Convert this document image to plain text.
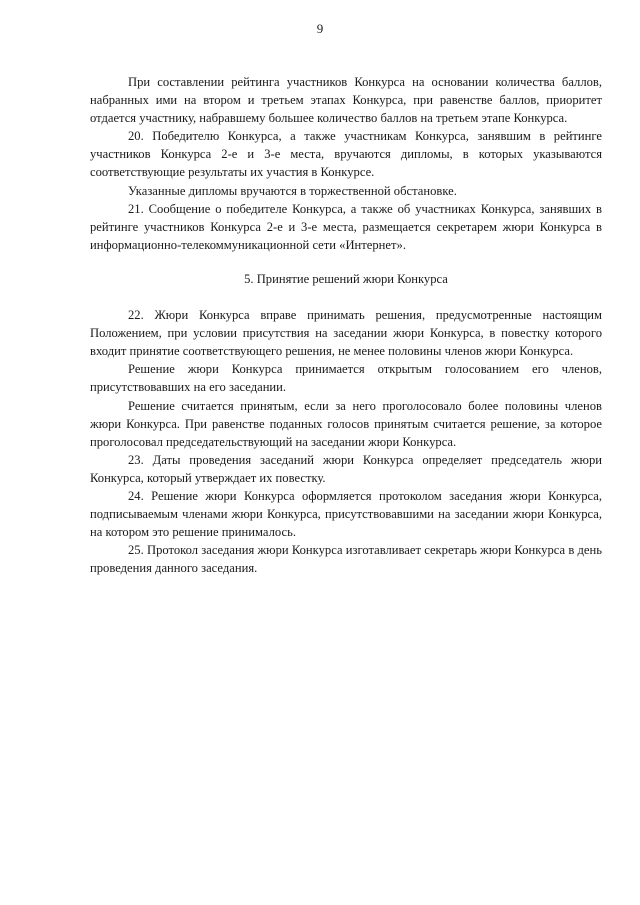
9

При составлении рейтинга участников Конкурса на основании количества баллов, набранных ими на втором и третьем этапах Конкурса, при равенстве баллов, приоритет отдается участнику, набравшему большее количество баллов на третьем этапе Конкурса.

20. Победителю Конкурса, а также участникам Конкурса, занявшим в рейтинге участников Конкурса 2-е и 3-е места, вручаются дипломы, в которых указываются соответствующие результаты их участия в Конкурсе.

Указанные дипломы вручаются в торжественной обстановке.

21. Сообщение о победителе Конкурса, а также об участниках Конкурса, занявших в рейтинге участников Конкурса 2-е и 3-е места, размещается секретарем жюри Конкурса в информационно-телекоммуникационной сети «Интернет».

5. Принятие решений жюри Конкурса

22. Жюри Конкурса вправе принимать решения, предусмотренные настоящим Положением, при условии присутствия на заседании жюри Конкурса, в повестку которого входит принятие соответствующего решения, не менее половины членов жюри Конкурса.

Решение жюри Конкурса принимается открытым голосованием его членов, присутствовавших на его заседании.

Решение считается принятым, если за него проголосовало более половины членов жюри Конкурса. При равенстве поданных голосов принятым считается решение, за которое проголосовал председательствующий на заседании жюри Конкурса.

23. Даты проведения заседаний жюри Конкурса определяет председатель жюри Конкурса, который утверждает их повестку.

24. Решение жюри Конкурса оформляется протоколом заседания жюри Конкурса, подписываемым членами жюри Конкурса, присутствовавшими на заседании жюри Конкурса, на котором это решение принималось.

25. Протокол заседания жюри Конкурса изготавливает секретарь жюри Конкурса в день проведения данного заседания.
